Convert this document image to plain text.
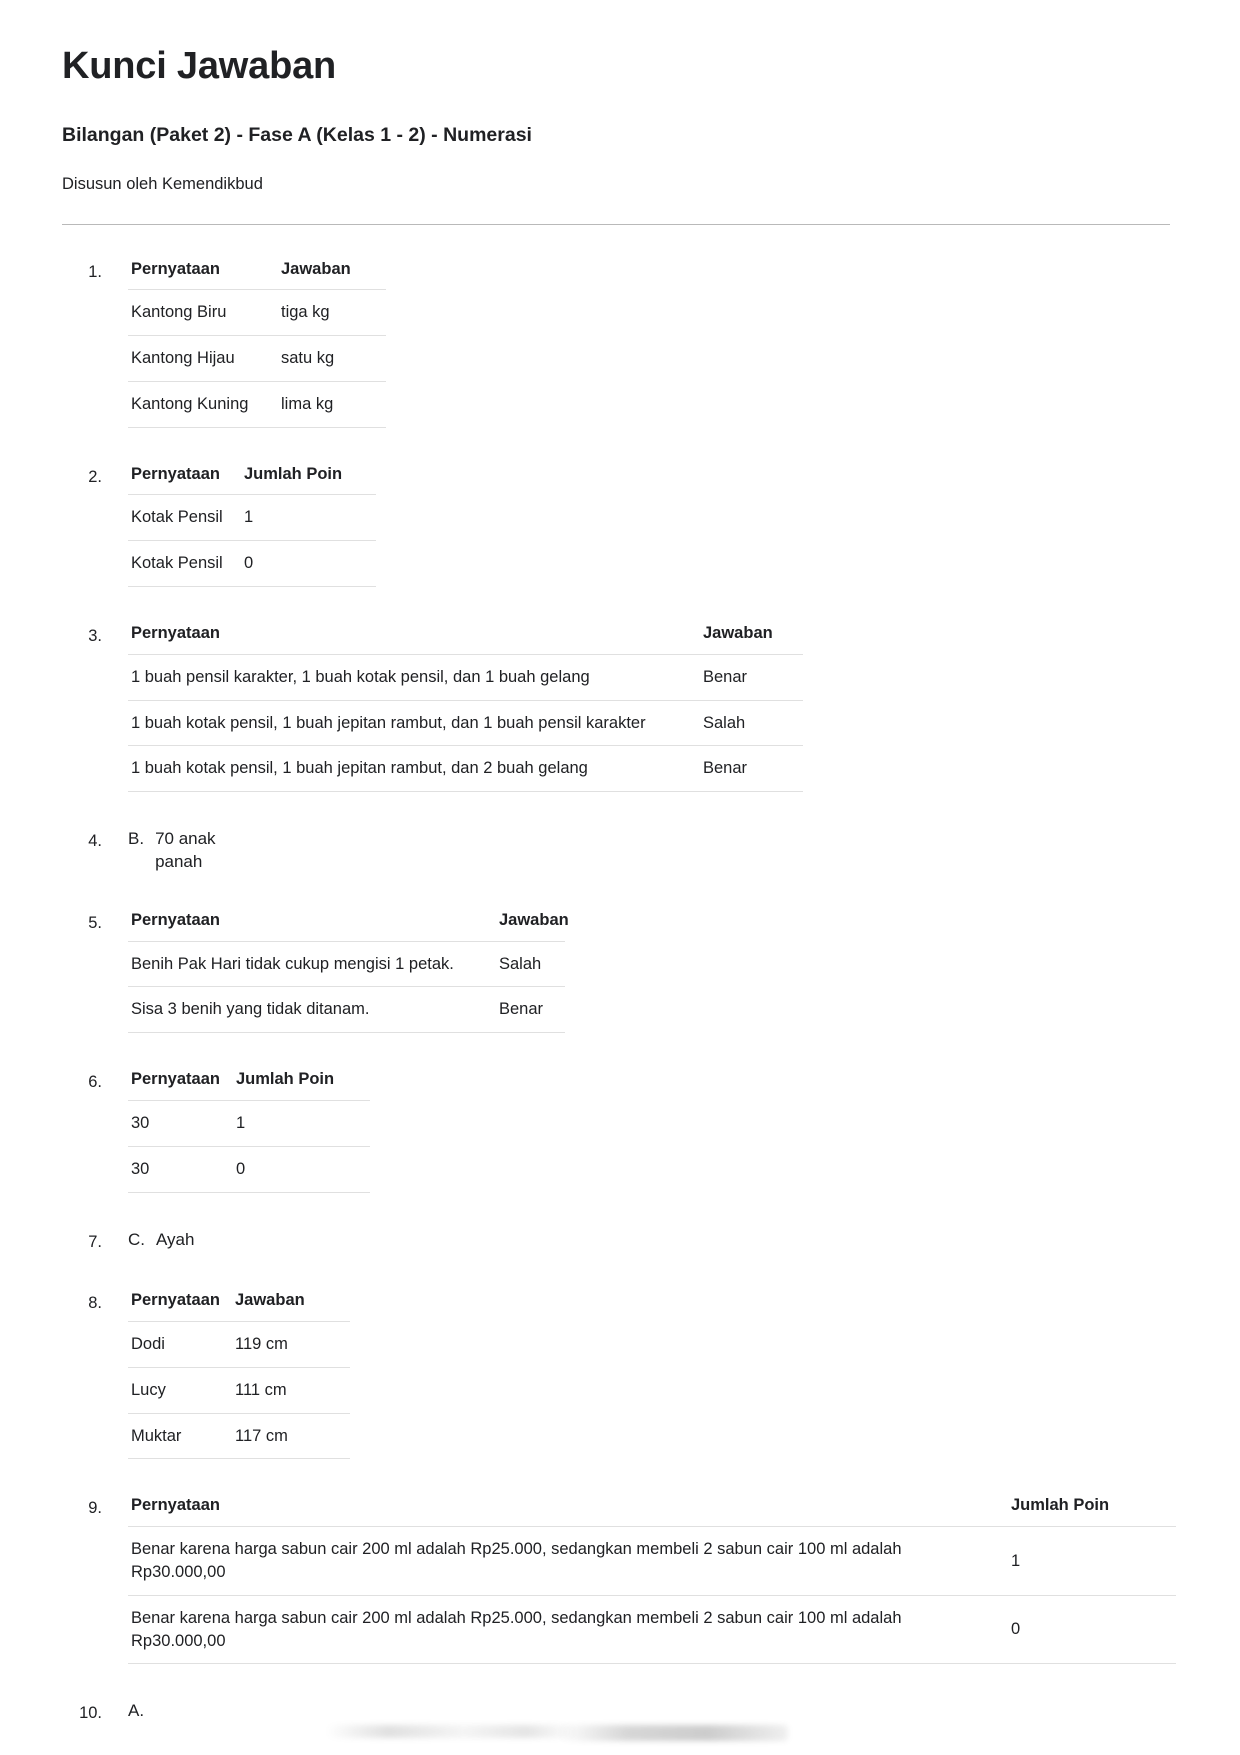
Kunci Jawaban
Bilangan (Paket 2) - Fase A (Kelas 1 - 2) - Numerasi
Disusun oleh Kemendikbud
1. Pernyataan	Jawaban
Kantong Biru	tiga kg
Kantong Hijau	satu kg
Kantong Kuning	lima kg
2. Pernyataan	Jumlah Poin
Kotak Pensil	1
Kotak Pensil	0
3. Pernyataan	Jawaban
1 buah pensil karakter, 1 buah kotak pensil, dan 1 buah gelang	Benar
1 buah kotak pensil, 1 buah jepitan rambut, dan 1 buah pensil karakter	Salah
1 buah kotak pensil, 1 buah jepitan rambut, dan 2 buah gelang	Benar
4. B. 70 anak panah
5. Pernyataan	Jawaban
Benih Pak Hari tidak cukup mengisi 1 petak.	Salah
Sisa 3 benih yang tidak ditanam.	Benar
6. Pernyataan	Jumlah Poin
30	1
30	0
7. C. Ayah
8. Pernyataan	Jawaban
Dodi	119 cm
Lucy	111 cm
Muktar	117 cm
9. Pernyataan	Jumlah Poin
Benar karena harga sabun cair 200 ml adalah Rp25.000, sedangkan membeli 2 sabun cair 100 ml adalah Rp30.000,00	1
Benar karena harga sabun cair 200 ml adalah Rp25.000, sedangkan membeli 2 sabun cair 100 ml adalah Rp30.000,00	0
10. A.
